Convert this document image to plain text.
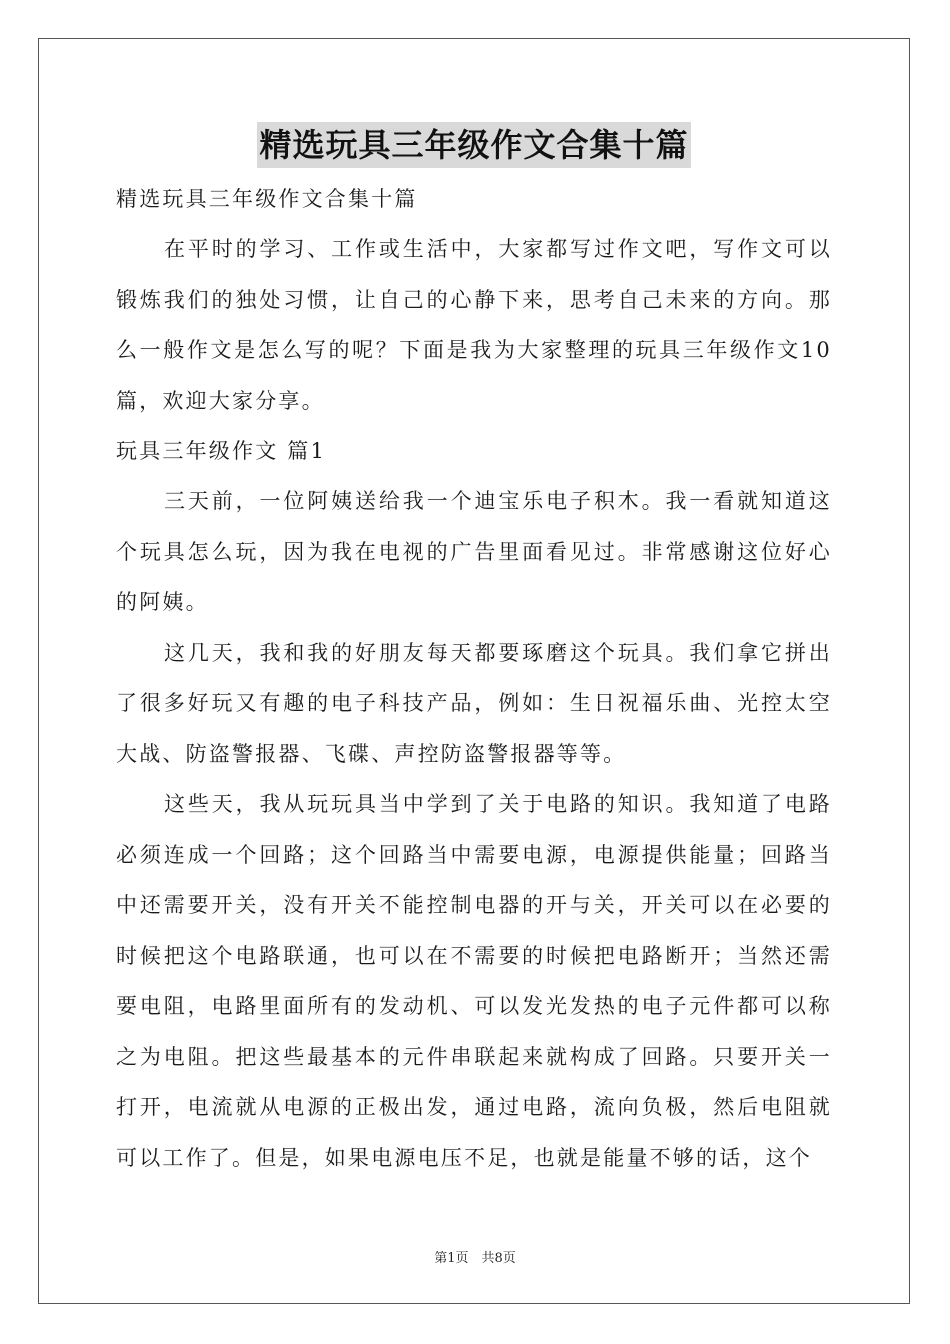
精选玩具三年级作文合集十篇

精选玩具三年级作文合集十篇

在平时的学习、工作或生活中，大家都写过作文吧，写作文可以锻炼我们的独处习惯，让自己的心静下来，思考自己未来的方向。那么一般作文是怎么写的呢？下面是我为大家整理的玩具三年级作文10篇，欢迎大家分享。

玩具三年级作文 篇1

三天前，一位阿姨送给我一个迪宝乐电子积木。我一看就知道这个玩具怎么玩，因为我在电视的广告里面看见过。非常感谢这位好心的阿姨。

这几天，我和我的好朋友每天都要琢磨这个玩具。我们拿它拼出了很多好玩又有趣的电子科技产品，例如：生日祝福乐曲、光控太空大战、防盗警报器、飞碟、声控防盗警报器等等。

这些天，我从玩玩具当中学到了关于电路的知识。我知道了电路必须连成一个回路；这个回路当中需要电源，电源提供能量；回路当中还需要开关，没有开关不能控制电器的开与关，开关可以在必要的时候把这个电路联通，也可以在不需要的时候把电路断开；当然还需要电阻，电路里面所有的发动机、可以发光发热的电子元件都可以称之为电阻。把这些最基本的元件串联起来就构成了回路。只要开关一打开，电流就从电源的正极出发，通过电路，流向负极，然后电阻就可以工作了。但是，如果电源电压不足，也就是能量不够的话，这个

第1页　共8页
